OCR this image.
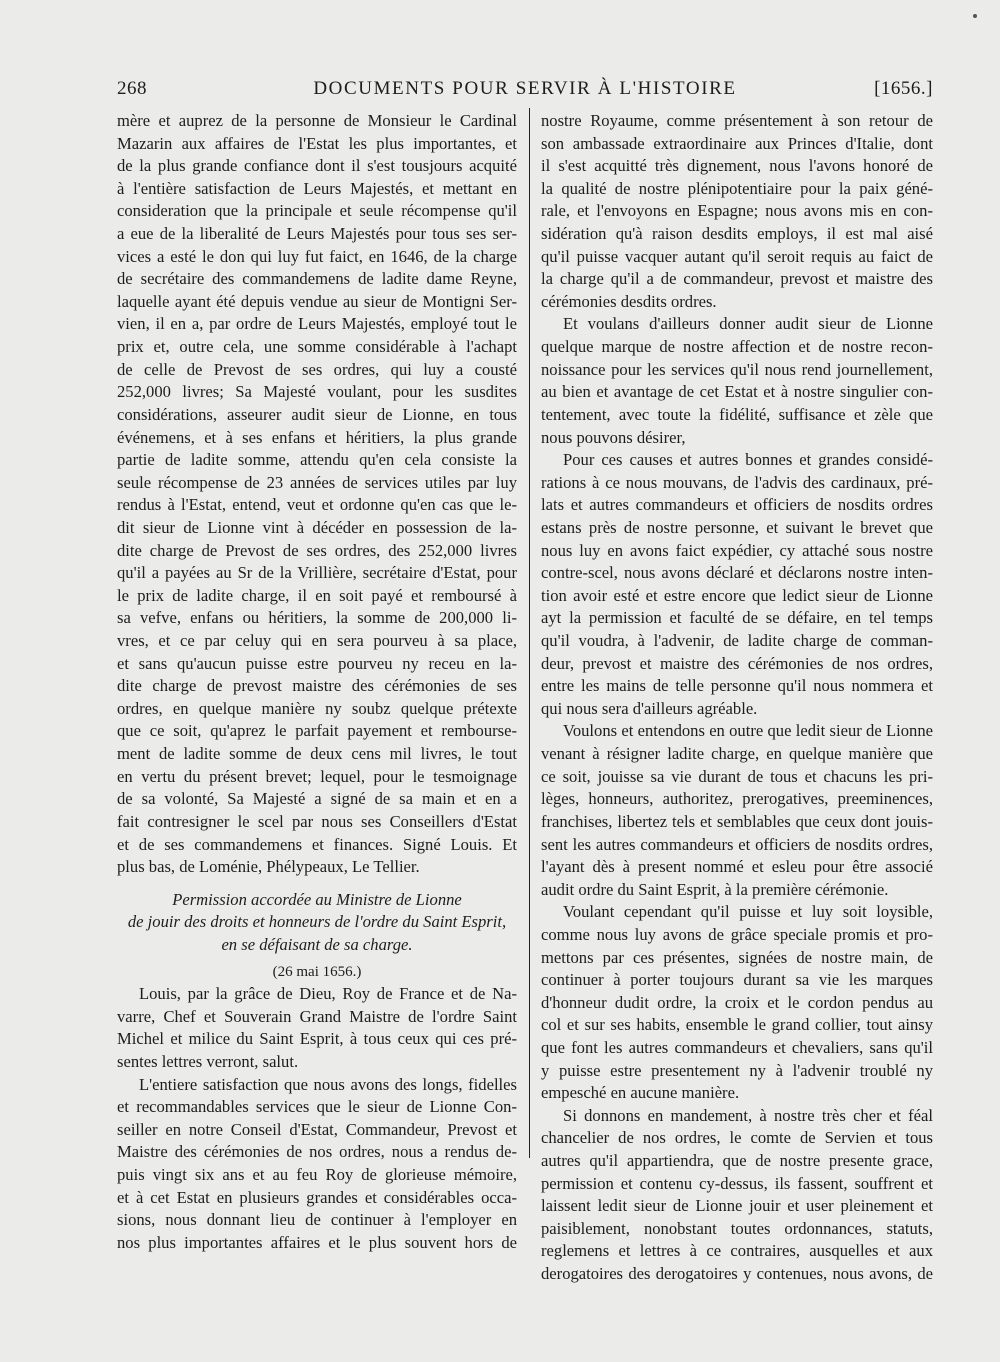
268	DOCUMENTS POUR SERVIR À L'HISTOIRE	[1656.]
mère et auprez de la personne de Monsieur le Cardinal
Mazarin aux affaires de l'Estat les plus importantes, et
de la plus grande confiance dont il s'est tousjours acquité
à l'entière satisfaction de Leurs Majestés, et mettant en
consideration que la principale et seule récompense qu'il
a eue de la liberalité de Leurs Majestés pour tous ses ser-
vices a esté le don qui luy fut faict, en 1646, de la charge
de secrétaire des commandemens de ladite dame Reyne,
laquelle ayant été depuis vendue au sieur de Montigni Ser-
vien, il en a, par ordre de Leurs Majestés, employé tout le
prix et, outre cela, une somme considérable à l'achapt
de celle de Prevost de ses ordres, qui luy a cousté
252,000 livres; Sa Majesté voulant, pour les susdites
considérations, asseurer audit sieur de Lionne, en tous
événemens, et à ses enfans et héritiers, la plus grande
partie de ladite somme, attendu qu'en cela consiste la
seule récompense de 23 années de services utiles par luy
rendus à l'Estat, entend, veut et ordonne qu'en cas que le-
dit sieur de Lionne vint à décéder en possession de la-
dite charge de Prevost de ses ordres, des 252,000 livres
qu'il a payées au Sr de la Vrillière, secrétaire d'Estat, pour
le prix de ladite charge, il en soit payé et remboursé à
sa vefve, enfans ou héritiers, la somme de 200,000 li-
vres, et ce par celuy qui en sera pourveu à sa place,
et sans qu'aucun puisse estre pourveu ny receu en la-
dite charge de prevost maistre des cérémonies de ses
ordres, en quelque manière ny soubz quelque prétexte
que ce soit, qu'aprez le parfait payement et rembourse-
ment de ladite somme de deux cens mil livres, le tout
en vertu du présent brevet; lequel, pour le tesmoignage
de sa volonté, Sa Majesté a signé de sa main et en a
fait contresigner le scel par nous ses Conseillers d'Estat
et de ses commandemens et finances. Signé Louis. Et
plus bas, de Loménie, Phélypeaux, Le Tellier.
Permission accordée au Ministre de Lionne
de jouir des droits et honneurs de l'ordre du Saint Esprit,
en se défaisant de sa charge.
(26 mai 1656.)
Louis, par la grâce de Dieu, Roy de France et de Na-
varre, Chef et Souverain Grand Maistre de l'ordre Saint
Michel et milice du Saint Esprit, à tous ceux qui ces pré-
sentes lettres verront, salut.
L'entiere satisfaction que nous avons des longs, fidelles
et recommandables services que le sieur de Lionne Con-
seiller en notre Conseil d'Estat, Commandeur, Prevost et
Maistre des cérémonies de nos ordres, nous a rendus de-
puis vingt six ans et au feu Roy de glorieuse mémoire,
et à cet Estat en plusieurs grandes et considérables occa-
sions, nous donnant lieu de continuer à l'employer en
nos plus importantes affaires et le plus souvent hors de
nostre Royaume, comme présentement à son retour de
son ambassade extraordinaire aux Princes d'Italie, dont
il s'est acquitté très dignement, nous l'avons honoré de
la qualité de nostre plénipotentiaire pour la paix géné-
rale, et l'envoyons en Espagne; nous avons mis en con-
sidération qu'à raison desdits employs, il est mal aisé
qu'il puisse vacquer autant qu'il seroit requis au faict de
la charge qu'il a de commandeur, prevost et maistre des
cérémonies desdits ordres.
Et voulans d'ailleurs donner audit sieur de Lionne
quelque marque de nostre affection et de nostre recon-
noissance pour les services qu'il nous rend journellement,
au bien et avantage de cet Estat et à nostre singulier con-
tentement, avec toute la fidélité, suffisance et zèle que
nous pouvons désirer,
Pour ces causes et autres bonnes et grandes considé-
rations à ce nous mouvans, de l'advis des cardinaux, pré-
lats et autres commandeurs et officiers de nosdits ordres
estans près de nostre personne, et suivant le brevet que
nous luy en avons faict expédier, cy attaché sous nostre
contre-scel, nous avons déclaré et déclarons nostre inten-
tion avoir esté et estre encore que ledict sieur de Lionne
ayt la permission et faculté de se défaire, en tel temps
qu'il voudra, à l'advenir, de ladite charge de comman-
deur, prevost et maistre des cérémonies de nos ordres,
entre les mains de telle personne qu'il nous nommera et
qui nous sera d'ailleurs agréable.
Voulons et entendons en outre que ledit sieur de Lionne
venant à résigner ladite charge, en quelque manière que
ce soit, jouisse sa vie durant de tous et chacuns les pri-
lèges, honneurs, authoritez, prerogatives, preeminences,
franchises, libertez tels et semblables que ceux dont jouis-
sent les autres commandeurs et officiers de nosdits ordres,
l'ayant dès à present nommé et esleu pour être associé
audit ordre du Saint Esprit, à la première cérémonie.
Voulant cependant qu'il puisse et luy soit loysible,
comme nous luy avons de grâce speciale promis et pro-
mettons par ces présentes, signées de nostre main, de
continuer à porter toujours durant sa vie les marques
d'honneur dudit ordre, la croix et le cordon pendus au
col et sur ses habits, ensemble le grand collier, tout ainsy
que font les autres commandeurs et chevaliers, sans qu'il
y puisse estre presentement ny à l'advenir troublé ny
empesché en aucune manière.
Si donnons en mandement, à nostre très cher et féal
chancelier de nos ordres, le comte de Servien et tous
autres qu'il appartiendra, que de nostre presente grace,
permission et contenu cy-dessus, ils fassent, souffrent et
laissent ledit sieur de Lionne jouir et user pleinement et
paisiblement, nonobstant toutes ordonnances, statuts,
reglemens et lettres à ce contraires, ausquelles et aux
derogatoires des derogatoires y contenues, nous avons, de
